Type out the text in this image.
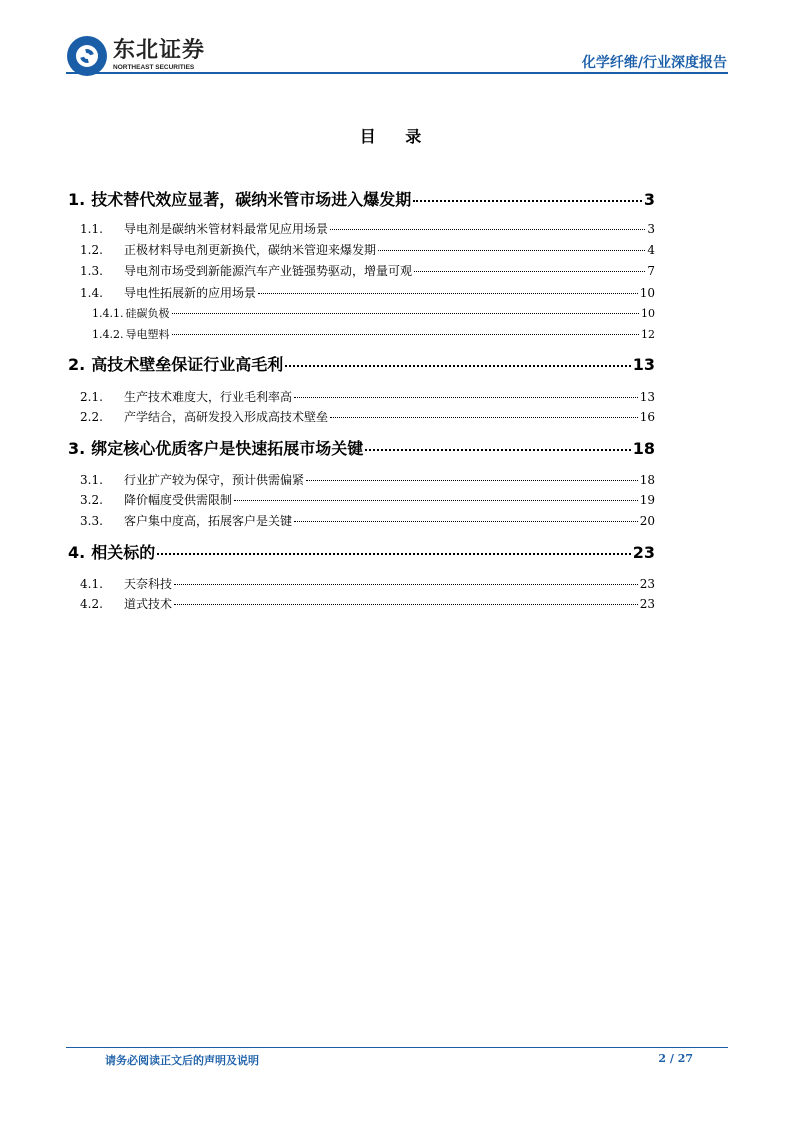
东北证券
NORTHEAST SECURITIES	化学纤维/行业深度报告
目 录
1. 技术替代效应显著，碳纳米管市场进入爆发期	3
1.1.	导电剂是碳纳米管材料最常见应用场景	3
1.2.	正极材料导电剂更新换代，碳纳米管迎来爆发期	4
1.3.	导电剂市场受到新能源汽车产业链强势驱动，增量可观	7
1.4.	导电性拓展新的应用场景	10
1.4.1. 硅碳负极	10
1.4.2. 导电塑料	12
2. 高技术壁垒保证行业高毛利	13
2.1.	生产技术难度大，行业毛利率高	13
2.2.	产学结合，高研发投入形成高技术壁垒	16
3. 绑定核心优质客户是快速拓展市场关键	18
3.1.	行业扩产较为保守，预计供需偏紧	18
3.2.	降价幅度受供需限制	19
3.3.	客户集中度高，拓展客户是关键	20
4. 相关标的	23
4.1.	天奈科技	23
4.2.	道式技术	23
请务必阅读正文后的声明及说明	2 / 27
